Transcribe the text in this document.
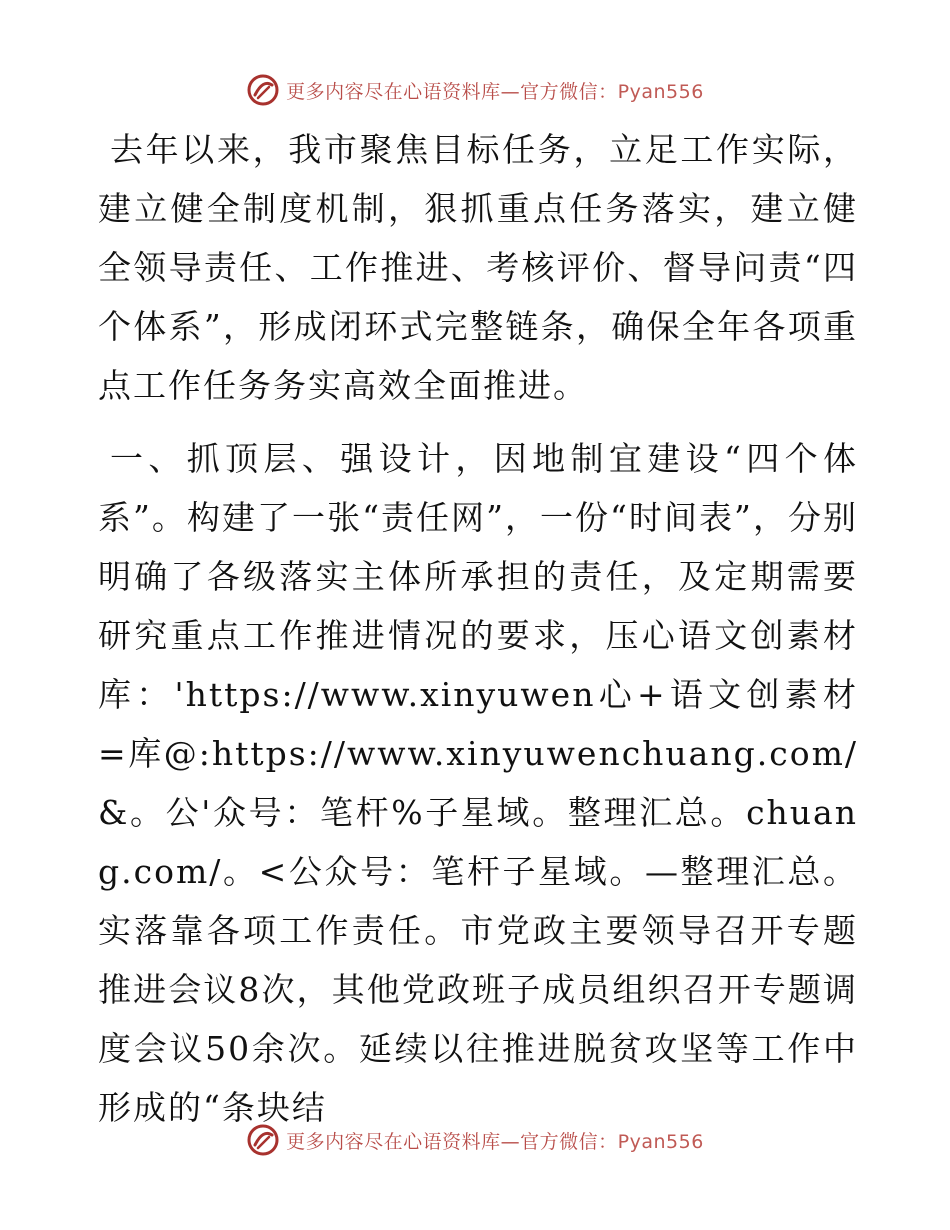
更多内容尽在心语资料库—官方微信：Pyan556

去年以来，我市聚焦目标任务，立足工作实际，建立健全制度机制，狠抓重点任务落实，建立健全领导责任、工作推进、考核评价、督导问责“四个体系”，形成闭环式完整链条，确保全年各项重点工作任务务实高效全面推进。

一、抓顶层、强设计，因地制宜建设“四个体系”。构建了一张“责任网”，一份“时间表”，分别明确了各级落实主体所承担的责任，及定期需要研究重点工作推进情况的要求，压心语文创素材库：'https://www.xinyuwen心+语文创素材=库@:https://www.xinyuwenchuang.com/&。公'众号：笔杆%子星域。整理汇总。chuang.com/。<公众号：笔杆子星域。—整理汇总。实落靠各项工作责任。市党政主要领导召开专题推进会议8次，其他党政班子成员组织召开专题调度会议50余次。延续以往推进脱贫攻坚等工作中形成的“条块结

更多内容尽在心语资料库—官方微信：Pyan556
